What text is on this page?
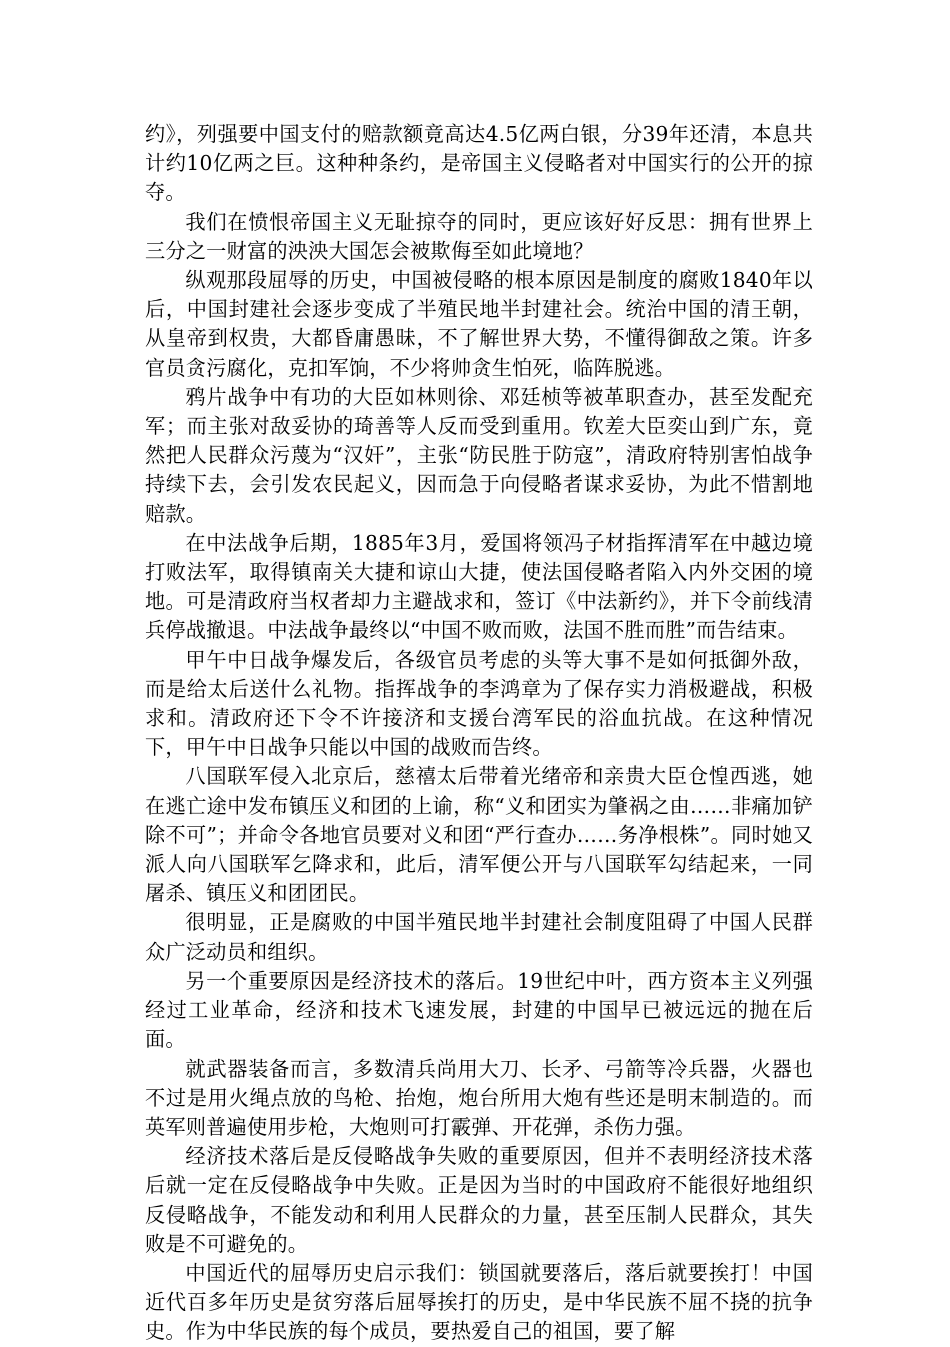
约》，列强要中国支付的赔款额竟高达4.5亿两白银，分39年还清，本息共计约10亿两之巨。这种种条约，是帝国主义侵略者对中国实行的公开的掠夺。

我们在愤恨帝国主义无耻掠夺的同时，更应该好好反思：拥有世界上三分之一财富的泱泱大国怎会被欺侮至如此境地？

纵观那段屈辱的历史，中国被侵略的根本原因是制度的腐败1840年以后，中国封建社会逐步变成了半殖民地半封建社会。统治中国的清王朝，从皇帝到权贵，大都昏庸愚昧，不了解世界大势，不懂得御敌之策。许多官员贪污腐化，克扣军饷，不少将帅贪生怕死，临阵脱逃。

鸦片战争中有功的大臣如林则徐、邓廷桢等被革职查办，甚至发配充军；而主张对敌妥协的琦善等人反而受到重用。钦差大臣奕山到广东，竟然把人民群众污蔑为“汉奸”，主张“防民胜于防寇”，清政府特别害怕战争持续下去，会引发农民起义，因而急于向侵略者谋求妥协，为此不惜割地赔款。

在中法战争后期，1885年3月，爱国将领冯子材指挥清军在中越边境打败法军，取得镇南关大捷和谅山大捷，使法国侵略者陷入内外交困的境地。可是清政府当权者却力主避战求和，签订《中法新约》，并下令前线清兵停战撤退。中法战争最终以“中国不败而败，法国不胜而胜”而告结束。

甲午中日战争爆发后，各级官员考虑的头等大事不是如何抵御外敌，而是给太后送什么礼物。指挥战争的李鸿章为了保存实力消极避战，积极求和。清政府还下令不许接济和支援台湾军民的浴血抗战。在这种情况下，甲午中日战争只能以中国的战败而告终。

八国联军侵入北京后，慈禧太后带着光绪帝和亲贵大臣仓惶西逃，她在逃亡途中发布镇压义和团的上谕，称“义和团实为肇祸之由……非痛加铲除不可”；并命令各地官员要对义和团“严行查办……务净根株”。同时她又派人向八国联军乞降求和，此后，清军便公开与八国联军勾结起来，一同屠杀、镇压义和团团民。

很明显，正是腐败的中国半殖民地半封建社会制度阻碍了中国人民群众广泛动员和组织。

另一个重要原因是经济技术的落后。19世纪中叶，西方资本主义列强经过工业革命，经济和技术飞速发展，封建的中国早已被远远的抛在后面。

就武器装备而言，多数清兵尚用大刀、长矛、弓箭等冷兵器，火器也不过是用火绳点放的鸟枪、抬炮，炮台所用大炮有些还是明末制造的。而英军则普遍使用步枪，大炮则可打霰弹、开花弹，杀伤力强。

经济技术落后是反侵略战争失败的重要原因，但并不表明经济技术落后就一定在反侵略战争中失败。正是因为当时的中国政府不能很好地组织反侵略战争，不能发动和利用人民群众的力量，甚至压制人民群众，其失败是不可避免的。

中国近代的屈辱历史启示我们：锁国就要落后，落后就要挨打！中国近代百多年历史是贫穷落后屈辱挨打的历史，是中华民族不屈不挠的抗争史。作为中华民族的每个成员，要热爱自己的祖国，要了解
